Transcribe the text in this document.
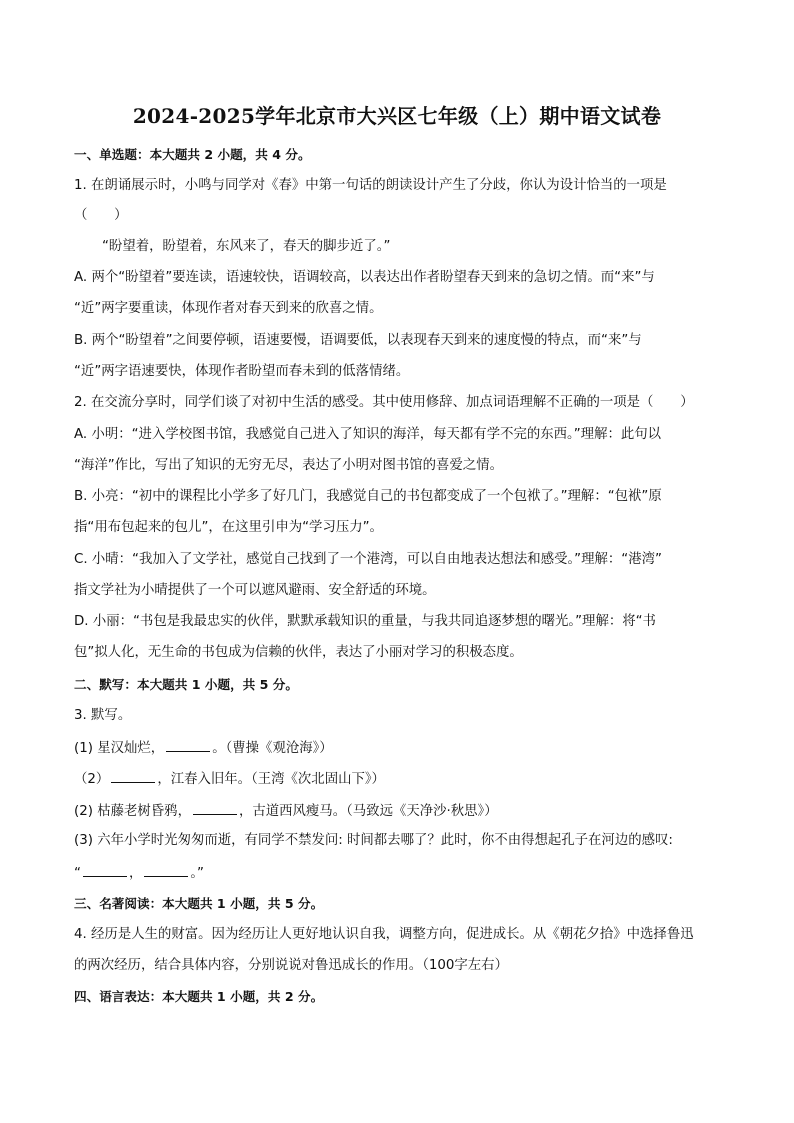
2024-2025学年北京市大兴区七年级（上）期中语文试卷
一、单选题：本大题共 2 小题，共 4 分。
1. 在朗诵展示时，小鸣与同学对《春》中第一句话的朗读设计产生了分歧，你认为设计恰当的一项是
（　　）
“盼望着，盼望着，东风来了，春天的脚步近了。”
A. 两个“盼望着”要连读，语速较快，语调较高，以表达出作者盼望春天到来的急切之情。而“来”与
“近”两字要重读，体现作者对春天到来的欣喜之情。
B. 两个“盼望着”之间要停顿，语速要慢，语调要低，以表现春天到来的速度慢的特点，而“来”与
“近”两字语速要快，体现作者盼望而春未到的低落情绪。
2. 在交流分享时，同学们谈了对初中生活的感受。其中使用修辞、加点词语理解不正确的一项是（　　）
A. 小明：“进入学校图书馆，我感觉自己进入了知识的海洋，每天都有学不完的东西。”理解：此句以
“海洋”作比，写出了知识的无穷无尽，表达了小明对图书馆的喜爱之情。
B. 小亮：“初中的课程比小学多了好几门，我感觉自己的书包都变成了一个包袱了。”理解：“包袱”原
指“用布包起来的包儿”，在这里引申为“学习压力”。
C. 小晴：“我加入了文学社，感觉自己找到了一个港湾，可以自由地表达想法和感受。”理解：“港湾”
指文学社为小晴提供了一个可以遮风避雨、安全舒适的环境。
D. 小丽：“书包是我最忠实的伙伴，默默承载知识的重量，与我共同追逐梦想的曙光。”理解：将“书
包”拟人化，无生命的书包成为信赖的伙伴，表达了小丽对学习的积极态度。
二、默写：本大题共 1 小题，共 5 分。
3. 默写。
(1) 星汉灿烂，	。（曹操《观沧海》）
（2）	，江春入旧年。（王湾《次北固山下》）
(2) 枯藤老树昏鸦，	，古道西风瘦马。（马致远《天净沙·秋思》）
(3) 六年小学时光匆匆而逝，有同学不禁发问: 时间都去哪了？此时，你不由得想起孔子在河边的感叹:
“	，	。”
三、名著阅读：本大题共 1 小题，共 5 分。
4. 经历是人生的财富。因为经历让人更好地认识自我，调整方向，促进成长。从《朝花夕拾》中选择鲁迅
的两次经历，结合具体内容，分别说说对鲁迅成长的作用。（100字左右）
四、语言表达：本大题共 1 小题，共 2 分。
